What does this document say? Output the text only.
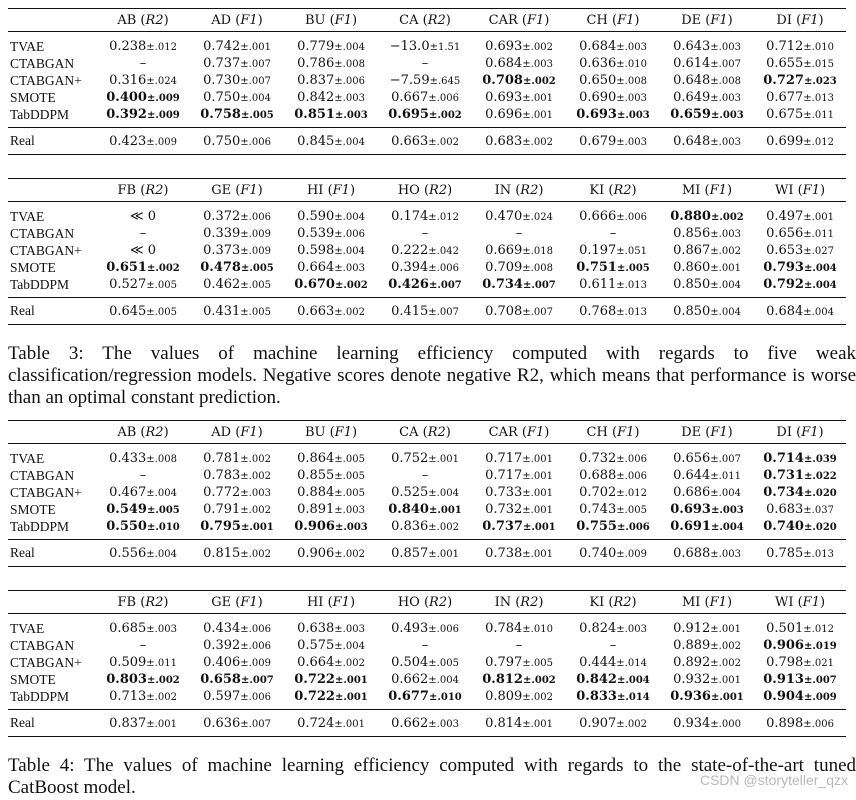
	AB (R2)	AD (F1)	BU (F1)	CA (R2)	CAR (F1)	CH (F1)	DE (F1)	DI (F1)
TVAE	0.238±.012	0.742±.001	0.779±.004	−13.0±1.51	0.693±.002	0.684±.003	0.643±.003	0.712±.010
CTABGAN	–	0.737±.007	0.786±.008	–	0.684±.003	0.636±.010	0.614±.007	0.655±.015
CTABGAN+	0.316±.024	0.730±.007	0.837±.006	−7.59±.645	0.708±.002	0.650±.008	0.648±.008	0.727±.023
SMOTE	0.400±.009	0.750±.004	0.842±.003	0.667±.006	0.693±.001	0.690±.003	0.649±.003	0.677±.013
TabDDPM	0.392±.009	0.758±.005	0.851±.003	0.695±.002	0.696±.001	0.693±.003	0.659±.003	0.675±.011
Real	0.423±.009	0.750±.006	0.845±.004	0.663±.002	0.683±.002	0.679±.003	0.648±.003	0.699±.012
	FB (R2)	GE (F1)	HI (F1)	HO (R2)	IN (R2)	KI (R2)	MI (F1)	WI (F1)
TVAE	≪ 0	0.372±.006	0.590±.004	0.174±.012	0.470±.024	0.666±.006	0.880±.002	0.497±.001
CTABGAN	–	0.339±.009	0.539±.006	–	–	–	0.856±.003	0.656±.011
CTABGAN+	≪ 0	0.373±.009	0.598±.004	0.222±.042	0.669±.018	0.197±.051	0.867±.002	0.653±.027
SMOTE	0.651±.002	0.478±.005	0.664±.003	0.394±.006	0.709±.008	0.751±.005	0.860±.001	0.793±.004
TabDDPM	0.527±.005	0.462±.005	0.670±.002	0.426±.007	0.734±.007	0.611±.013	0.850±.004	0.792±.004
Real	0.645±.005	0.431±.005	0.663±.002	0.415±.007	0.708±.007	0.768±.013	0.850±.004	0.684±.004
Table 3: The values of machine learning efficiency computed with regards to five weak classification/regression models. Negative scores denote negative R2, which means that performance is worse than an optimal constant prediction.
	AB (R2)	AD (F1)	BU (F1)	CA (R2)	CAR (F1)	CH (F1)	DE (F1)	DI (F1)
TVAE	0.433±.008	0.781±.002	0.864±.005	0.752±.001	0.717±.001	0.732±.006	0.656±.007	0.714±.039
CTABGAN	–	0.783±.002	0.855±.005	–	0.717±.001	0.688±.006	0.644±.011	0.731±.022
CTABGAN+	0.467±.004	0.772±.003	0.884±.005	0.525±.004	0.733±.001	0.702±.012	0.686±.004	0.734±.020
SMOTE	0.549±.005	0.791±.002	0.891±.003	0.840±.001	0.732±.001	0.743±.005	0.693±.003	0.683±.037
TabDDPM	0.550±.010	0.795±.001	0.906±.003	0.836±.002	0.737±.001	0.755±.006	0.691±.004	0.740±.020
Real	0.556±.004	0.815±.002	0.906±.002	0.857±.001	0.738±.001	0.740±.009	0.688±.003	0.785±.013
	FB (R2)	GE (F1)	HI (F1)	HO (R2)	IN (R2)	KI (R2)	MI (F1)	WI (F1)
TVAE	0.685±.003	0.434±.006	0.638±.003	0.493±.006	0.784±.010	0.824±.003	0.912±.001	0.501±.012
CTABGAN	–	0.392±.006	0.575±.004	–	–	–	0.889±.002	0.906±.019
CTABGAN+	0.509±.011	0.406±.009	0.664±.002	0.504±.005	0.797±.005	0.444±.014	0.892±.002	0.798±.021
SMOTE	0.803±.002	0.658±.007	0.722±.001	0.662±.004	0.812±.002	0.842±.004	0.932±.001	0.913±.007
TabDDPM	0.713±.002	0.597±.006	0.722±.001	0.677±.010	0.809±.002	0.833±.014	0.936±.001	0.904±.009
Real	0.837±.001	0.636±.007	0.724±.001	0.662±.003	0.814±.001	0.907±.002	0.934±.000	0.898±.006
Table 4: The values of machine learning efficiency computed with regards to the state-of-the-art tuned CatBoost model.	CSDN @storyteller_qzx
